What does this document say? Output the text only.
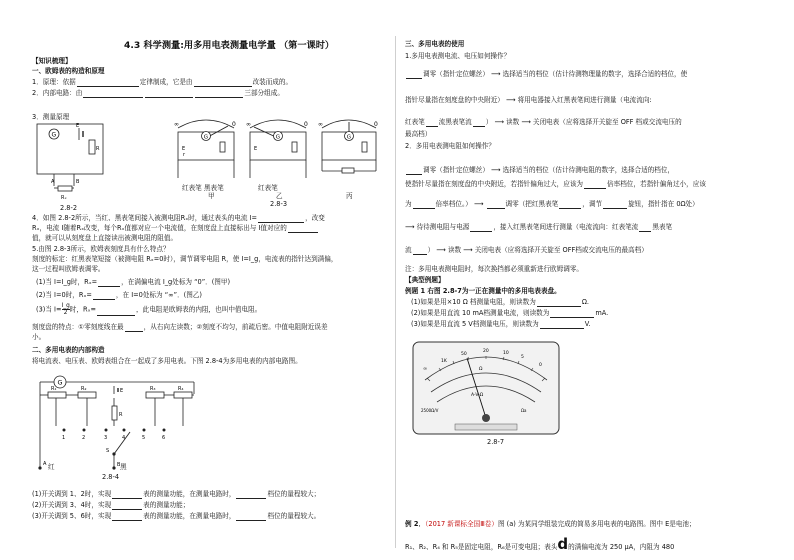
4.3 科学测量:用多用电表测量电学量 （第一课时）
【知识梳理】
一、欧姆表的构造和原理
1．原理：依据	定律制成，它是由	改装而成的。
2．内部电路：由	三部分组成。
3．测量原理
G
E
R
A	B
Rₓ
2.8-2
∞	0
G
E
r
∞	0
G
E
∞	0
G
红表笔 黑表笔
甲	乙	丙
红表笔
2.8-3
4．如图 2.8-2所示，当红、黑表笔间接入被测电阻Rₓ时，通过表头的电流 I=	，改变
Rₓ，电流 I随着Rₓ改变，每个Rₓ值都对应一个电流值，在刻度盘上直接标出与 I值对应的
值，就可以从刻度盘上直接读出被测电阻的阻值。
5.由图 2.8-3所示，欧姆表刻度具有什么特点？
刻度的标定：红黑表笔短接（被测电阻 Rₓ=0时），调节调零电阻 R，使 I=I_g，电流表的指针达到满偏，
这一过程叫欧姆表调零。
(1)当 I=I_g时，Rₓ=	，在满偏电流 I_g处标为 “0”．(图甲)
(2)当 I=0时，Rₓ=	，在 I=0处标为 “∞”．(图乙)
(3)当 $I= \frac{I\_g}{2}$ 时，Rₓ=	，此电阻是欧姆表的内阻，也叫中值电阻。
刻度盘的特点：①零刻度线在最	，从右向左读数；②刻度不均匀，前疏后密。中值电阻附近误差
小。
二、多用电表的内部构造
将电流表、电压表、欧姆表组合在一起成了多用电表。下图 2.8-4为多用电表的内部电路图。
G
R₁	R₂	E	R₃	R₄
R
1	2	3	4	5	6
S
A	B
红	黑
2.8-4
(1)开关调到 1、2时，实现	表的测量功能，在测量电路时，	档位的量程较大；
(2)开关调到 3、4时，实现	表的测量功能；
(3)开关调到 5、6时，实现	表的测量功能，在测量电路时，	档位的量程较大。
三、多用电表的使用
1.多用电表测电流、电压如何操作？
调零（指针定位螺丝） ⟶ 选择适当的档位（估计待测物理量的数字，选择合适的档位，使
指针尽量指在刻度盘的中央附近） ⟶ 将用电器接入红黑表笔间进行测量（电流流向:
红表笔 流黑表笔流 ） ⟶ 读数 ⟶ 关闭电表（应将选择开关旋至 OFF 档或交流电压的
最高档）
2．多用电表测电阻如何操作？
调零（指针定位螺丝） ⟶ 选择适当的档位（估计待测电阻的数字，选择合适的档位，
使指针尽量指在刻度盘的中央附近，若指针偏角过大，应该为	倍率档位，若指针偏角过小，应该
为	倍率档位。） ⟶	调零（把红黑表笔	，调节	旋钮，指针指在 0Ω处）
⟶ 待待测电阻与电源	，接入红黑表笔间进行测量（电流流向：红表笔流 黑表笔
流 ） ⟶ 读数 ⟶ 关闭电表（应将选择开关旋至 OFF档或交流电压的最高档）
注：多用电表测电阻时，每次换挡都必须重新进行欧姆调零。
【典型例题】
例题 1 右图 2.8-7为一正在测量中的多用电表表盘。
(1)如果是用×10 Ω 档测量电阻，则读数为	Ω.
(2)如果是用直流 10 mA档测量电流，则读数为	mA.
(3)如果是用直流 5 V档测量电压，则读数为	V.
∞
1K
50
20	10
5
0
Ω
A-V-Ω
2500Ω/V	Ωa
2.8-7
例 2．（2017 新课标全国Ⅲ卷）图 (a) 为某同学组装完成的简易多用电表的电路图。图中 E是电池；
R₁、R₂、R₄ 和 R₅是固定电阻，R₆是可变电阻；表头d的满偏电流为 250 μA，内阻为 480
